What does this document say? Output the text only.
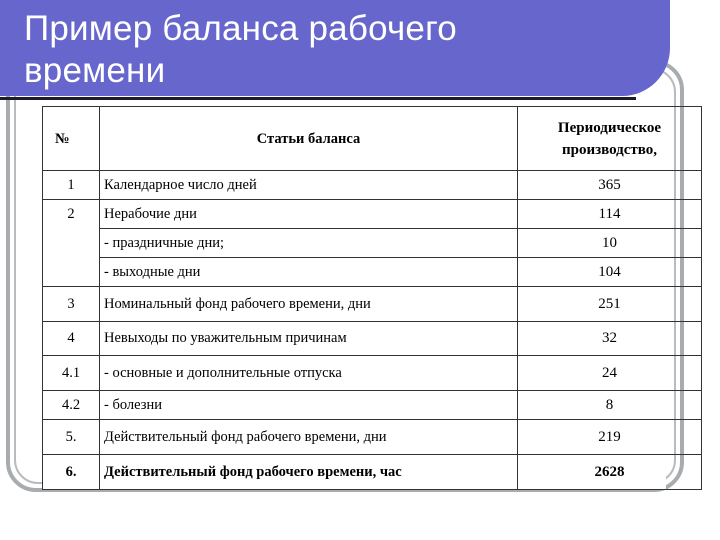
Пример баланса рабочего
времени
№	Статьи баланса	Периодическое
производство,
1	Календарное число дней	365
2	Нерабочие дни	114
	- праздничные дни;	10
	- выходные дни	104
3	Номинальный фонд рабочего времени, дни	251
4	Невыходы по уважительным причинам	32
4.1	- основные и дополнительные отпуска	24
4.2	- болезни	8
5.	Действительный фонд рабочего времени, дни	219
6.	Действительный фонд рабочего времени, час	2628
